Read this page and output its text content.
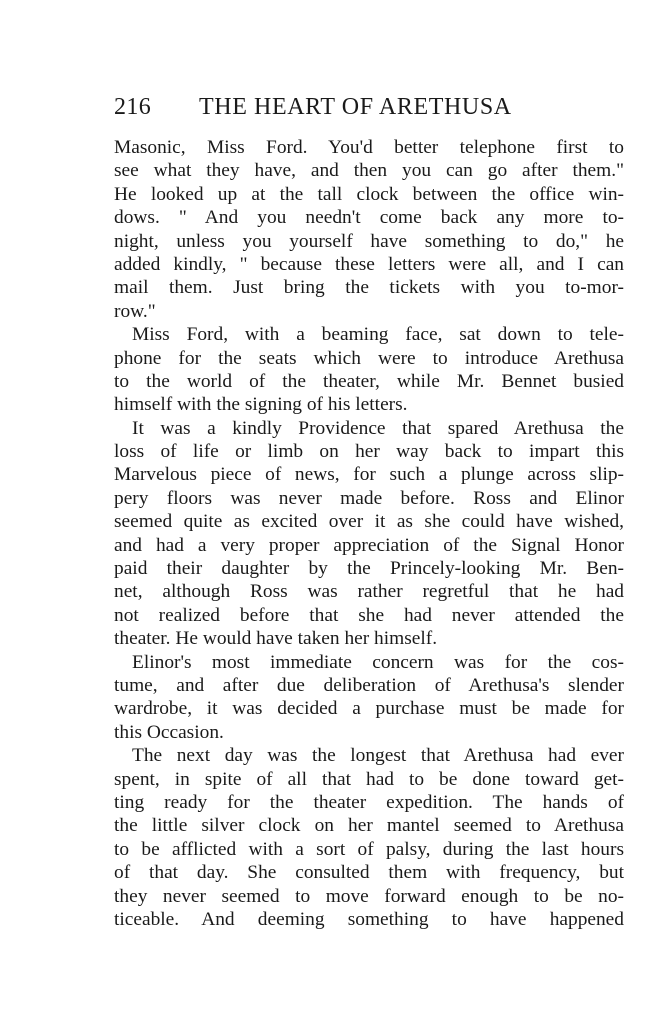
216 THE HEART OF ARETHUSA
Masonic, Miss Ford. You'd better telephone first to
see what they have, and then you can go after them."
He looked up at the tall clock between the office win-
dows. " And you needn't come back any more to-
night, unless you yourself have something to do," he
added kindly, " because these letters were all, and I can
mail them. Just bring the tickets with you to-mor-
row."
Miss Ford, with a beaming face, sat down to tele-
phone for the seats which were to introduce Arethusa
to the world of the theater, while Mr. Bennet busied
himself with the signing of his letters.
It was a kindly Providence that spared Arethusa the
loss of life or limb on her way back to impart this
Marvelous piece of news, for such a plunge across slip-
pery floors was never made before. Ross and Elinor
seemed quite as excited over it as she could have wished,
and had a very proper appreciation of the Signal Honor
paid their daughter by the Princely-looking Mr. Ben-
net, although Ross was rather regretful that he had
not realized before that she had never attended the
theater. He would have taken her himself.
Elinor's most immediate concern was for the cos-
tume, and after due deliberation of Arethusa's slender
wardrobe, it was decided a purchase must be made for
this Occasion.
The next day was the longest that Arethusa had ever
spent, in spite of all that had to be done toward get-
ting ready for the theater expedition. The hands of
the little silver clock on her mantel seemed to Arethusa
to be afflicted with a sort of palsy, during the last hours
of that day. She consulted them with frequency, but
they never seemed to move forward enough to be no-
ticeable. And deeming something to have happened
